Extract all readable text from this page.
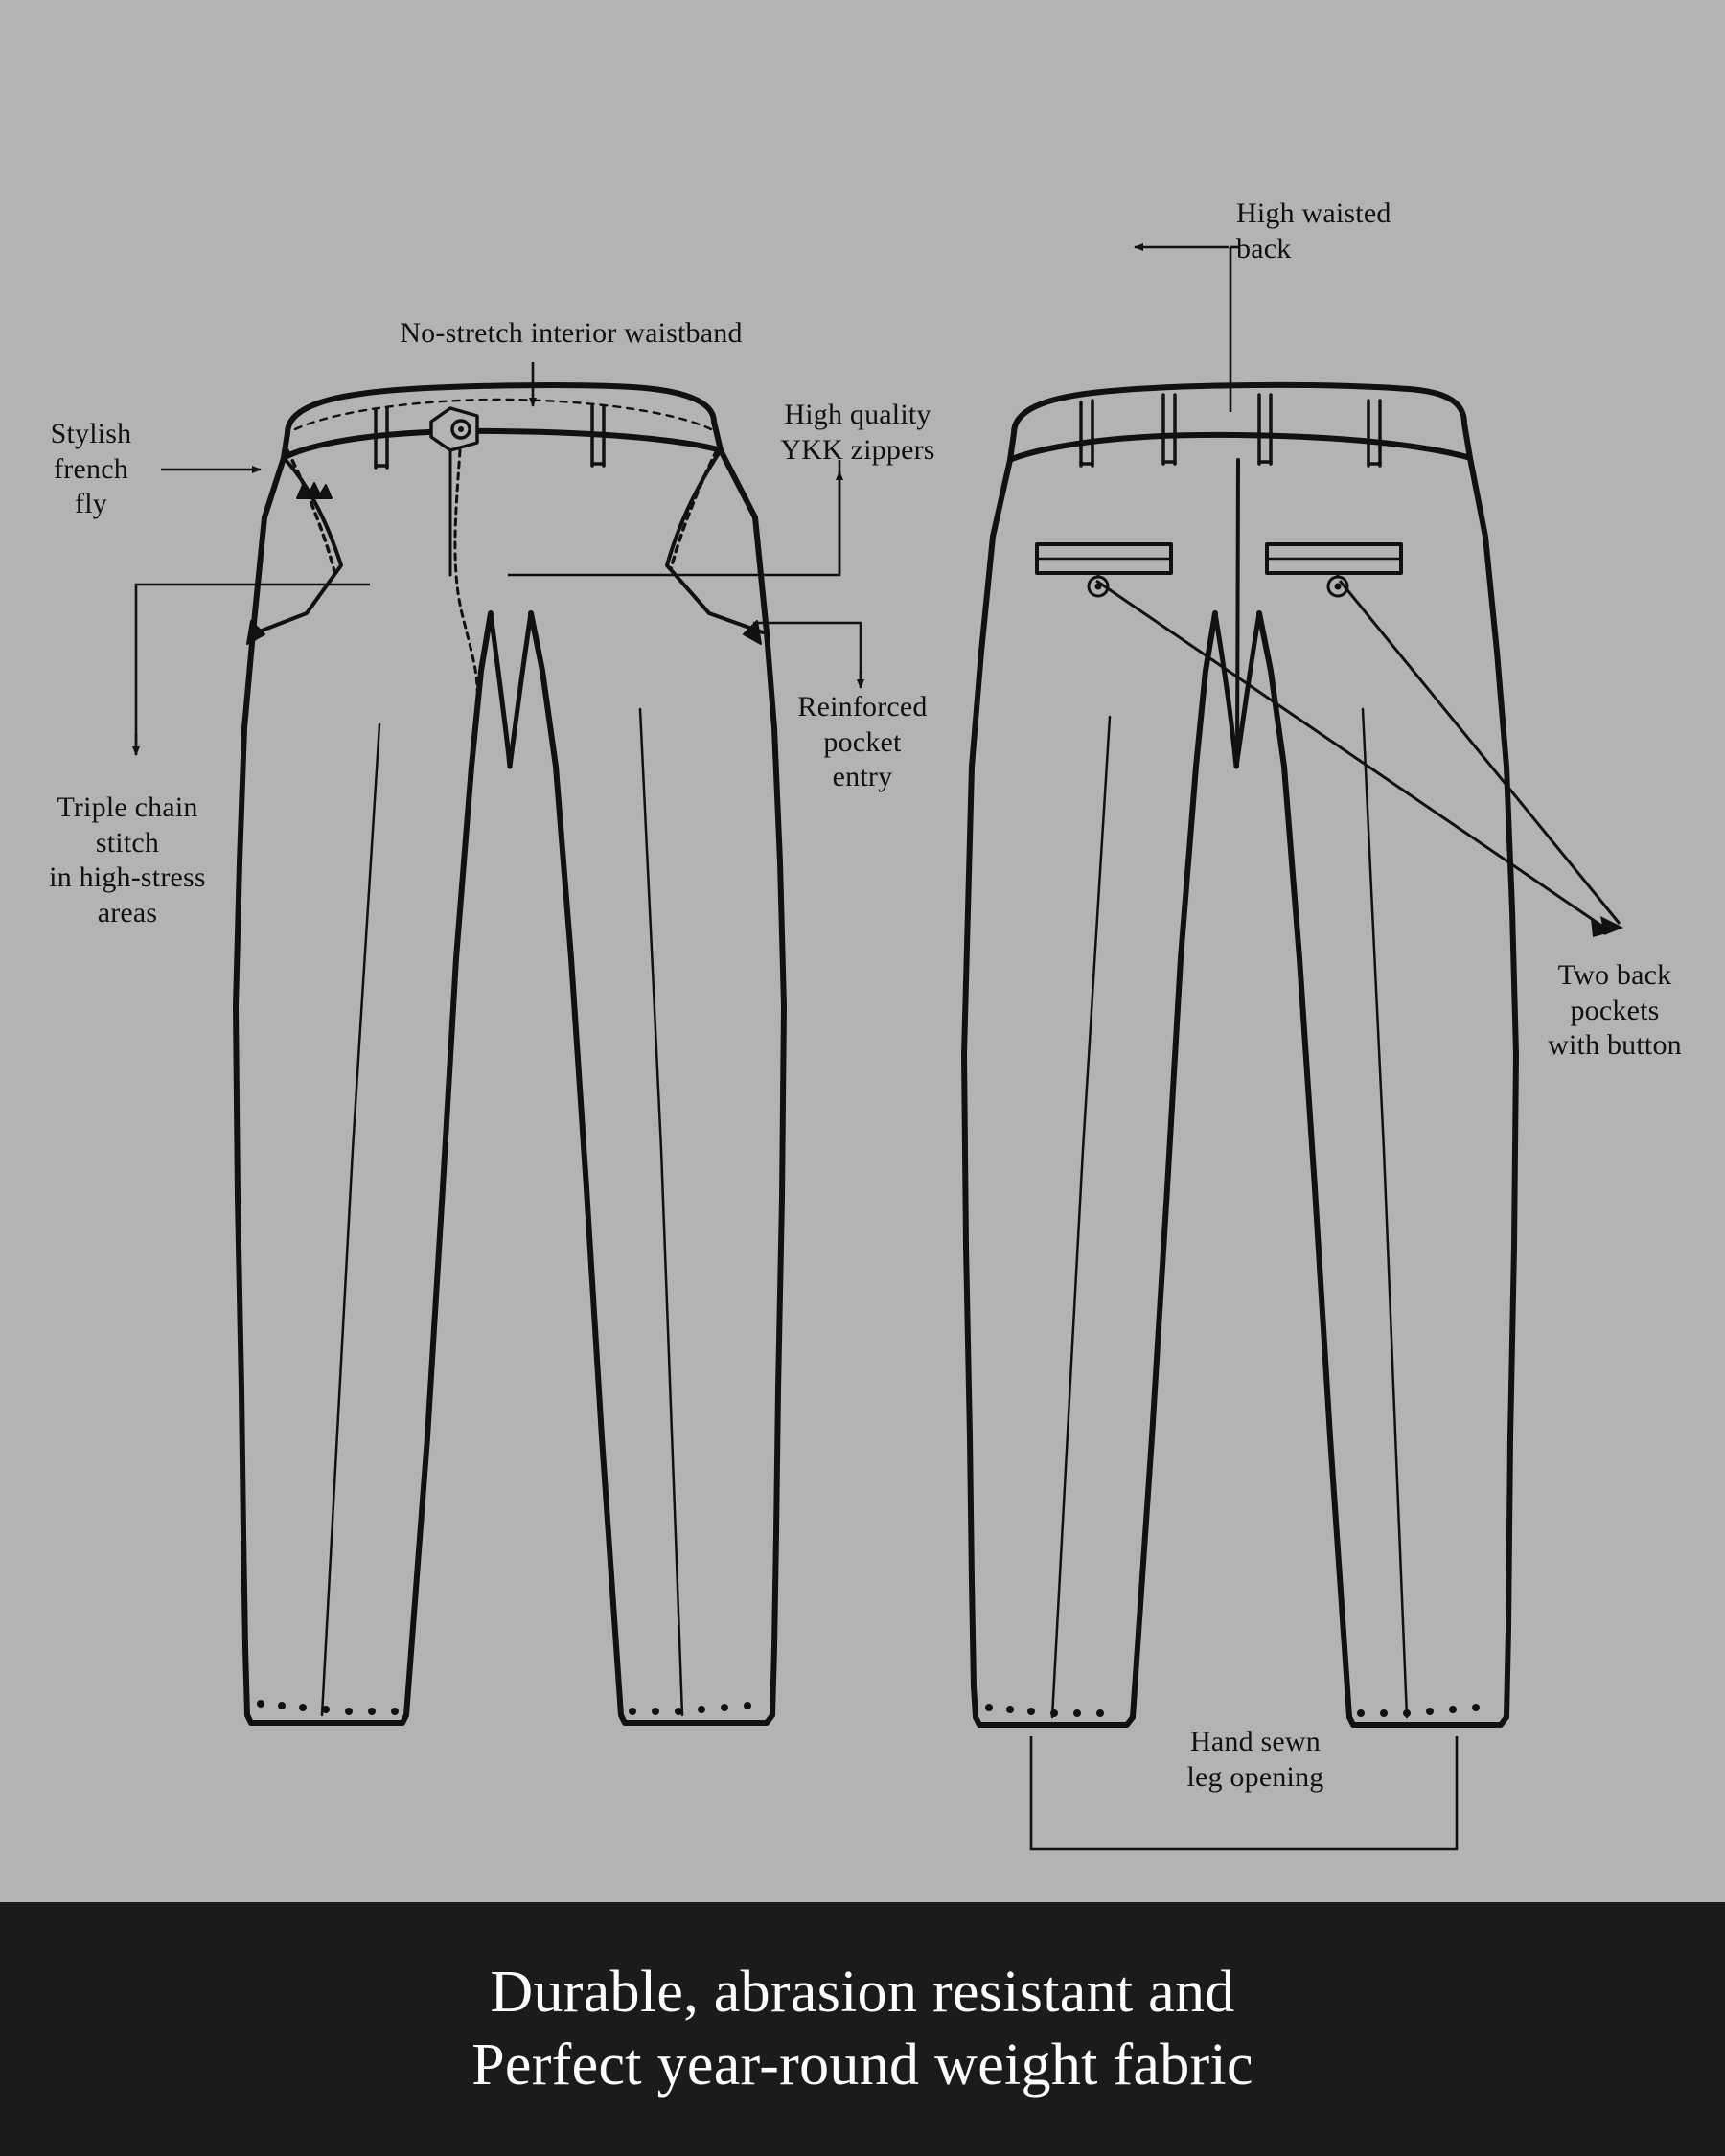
No-stretch interior waistband
Stylish
french
fly
High quality
YKK zippers
Reinforced
pocket
entry
Triple chain
stitch
in high-stress
areas
High waisted
back
Two back
pockets
with button
Hand sewn
leg opening
Durable, abrasion resistant and
Perfect year-round weight fabric
